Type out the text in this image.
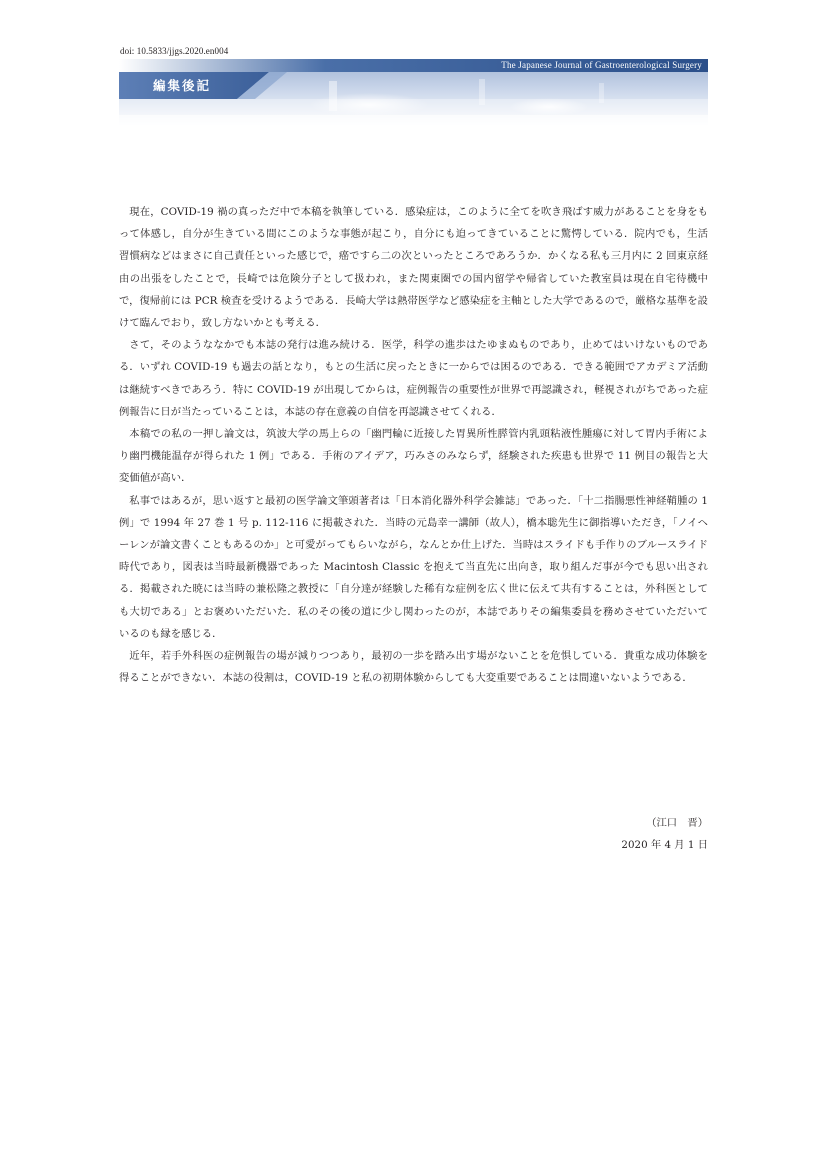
doi: 10.5833/jjgs.2020.en004
The Japanese Journal of Gastroenterological Surgery
編集後記

現在，COVID-19 禍の真っただ中で本稿を執筆している．感染症は，このように全てを吹き飛ばす威力があることを身をもって体感し，自分が生きている間にこのような事態が起こり，自分にも迫ってきていることに驚愕している．院内でも，生活習慣病などはまさに自己責任といった感じで，癌ですら二の次といったところであろうか．かくなる私も三月内に 2 回東京経由の出張をしたことで，長崎では危険分子として扱われ，また関東圏での国内留学や帰省していた教室員は現在自宅待機中で，復帰前には PCR 検査を受けるようである．長崎大学は熱帯医学など感染症を主軸とした大学であるので，厳格な基準を設けて臨んでおり，致し方ないかとも考える．

さて，そのようななかでも本誌の発行は進み続ける．医学，科学の進歩はたゆまぬものであり，止めてはいけないものである．いずれ COVID-19 も過去の話となり，もとの生活に戻ったときに一からでは困るのである．できる範囲でアカデミア活動は継続すべきであろう．特に COVID-19 が出現してからは，症例報告の重要性が世界で再認識され，軽視されがちであった症例報告に日が当たっていることは，本誌の存在意義の自信を再認識させてくれる．

本稿での私の一押し論文は，筑波大学の馬上らの「幽門輪に近接した胃異所性膵管内乳頭粘液性腫瘍に対して胃内手術により幽門機能温存が得られた 1 例」である．手術のアイデア，巧みさのみならず，経験された疾患も世界で 11 例目の報告と大変価値が高い．

私事ではあるが，思い返すと最初の医学論文筆頭著者は「日本消化器外科学会雑誌」であった．「十二指腸悪性神経鞘腫の 1 例」で 1994 年 27 巻 1 号 p. 112-116 に掲載された．当時の元島幸一講師（故人），橋本聡先生に御指導いただき，「ノイヘーレンが論文書くこともあるのか」と可愛がってもらいながら，なんとか仕上げた．当時はスライドも手作りのブルースライド時代であり，図表は当時最新機器であった Macintosh Classic を抱えて当直先に出向き，取り組んだ事が今でも思い出される．掲載された暁には当時の兼松隆之教授に「自分達が経験した稀有な症例を広く世に伝えて共有することは，外科医としても大切である」とお褒めいただいた．私のその後の道に少し関わったのが，本誌でありその編集委員を務めさせていただいているのも縁を感じる．

近年，若手外科医の症例報告の場が減りつつあり，最初の一歩を踏み出す場がないことを危惧している．貴重な成功体験を得ることができない．本誌の役割は，COVID-19 と私の初期体験からしても大変重要であることは間違いないようである．

（江口　晋）
2020 年 4 月 1 日
